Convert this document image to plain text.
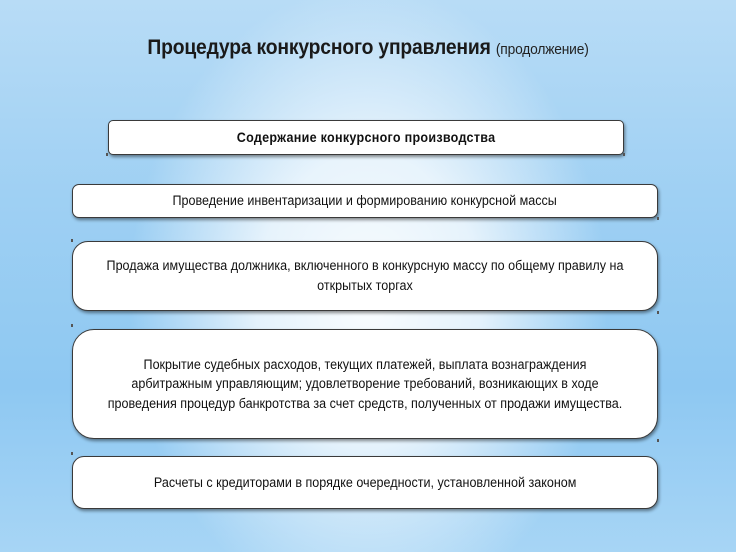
Процедура конкурсного управления (продолжение)
Содержание конкурсного производства
Проведение инвентаризации и формированию конкурсной массы
Продажа имущества должника, включенного в конкурсную массу по общему правилу на открытых торгах
Покрытие судебных расходов, текущих платежей, выплата вознаграждения арбитражным управляющим; удовлетворение требований, возникающих в ходе проведения процедур банкротства за счет средств, полученных от продажи имущества.
Расчеты с кредиторами в порядке очередности, установленной законом
